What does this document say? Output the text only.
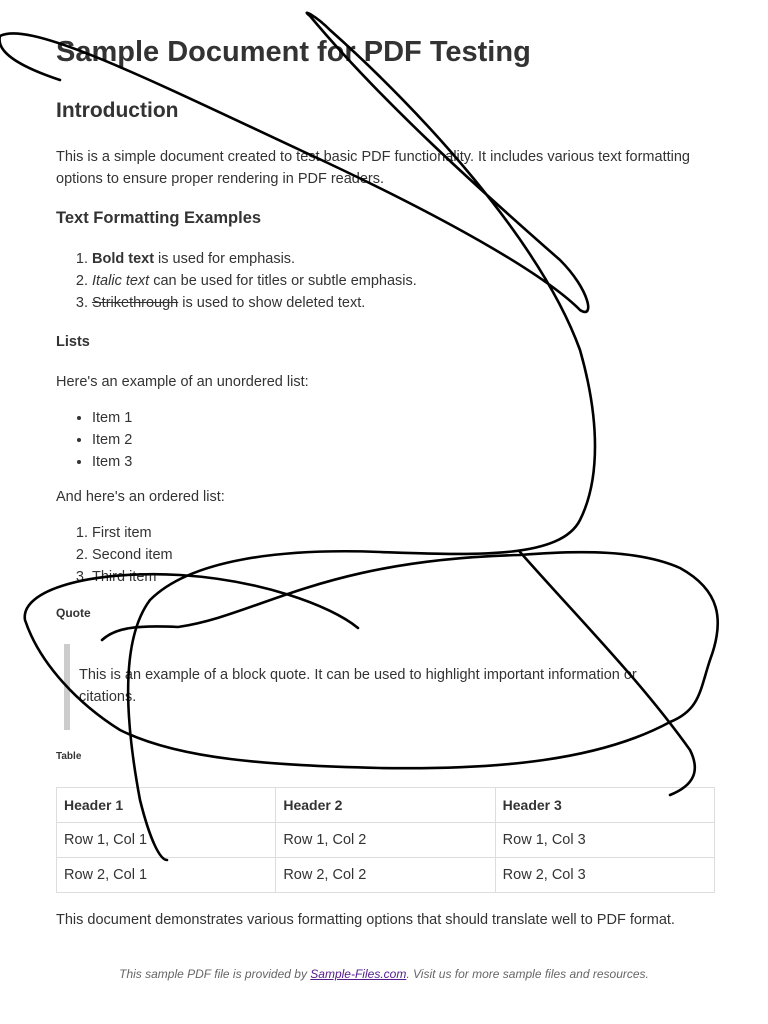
Sample Document for PDF Testing
Introduction

This is a simple document created to test basic PDF functionality. It includes various text formatting
options to ensure proper rendering in PDF readers.

Text Formatting Examples
1. Bold text is used for emphasis.
2. Italic text can be used for titles or subtle emphasis.
3. Strikethrough is used to show deleted text.
Lists

Here's an example of an unordered list:

• Item 1
• Item 2
• Item 3

And here's an ordered list:

1. First item
2. Second item
3. Third item
Quote

This is an example of a block quote. It can be used to highlight important information or citations.

Table
Header 1	Header 2	Header 3
Row 1, Col 1	Row 1, Col 2	Row 1, Col 3
Row 2, Col 1	Row 2, Col 2	Row 2, Col 3

This document demonstrates various formatting options that should translate well to PDF format.

This sample PDF file is provided by Sample-Files.com. Visit us for more sample files and resources.
